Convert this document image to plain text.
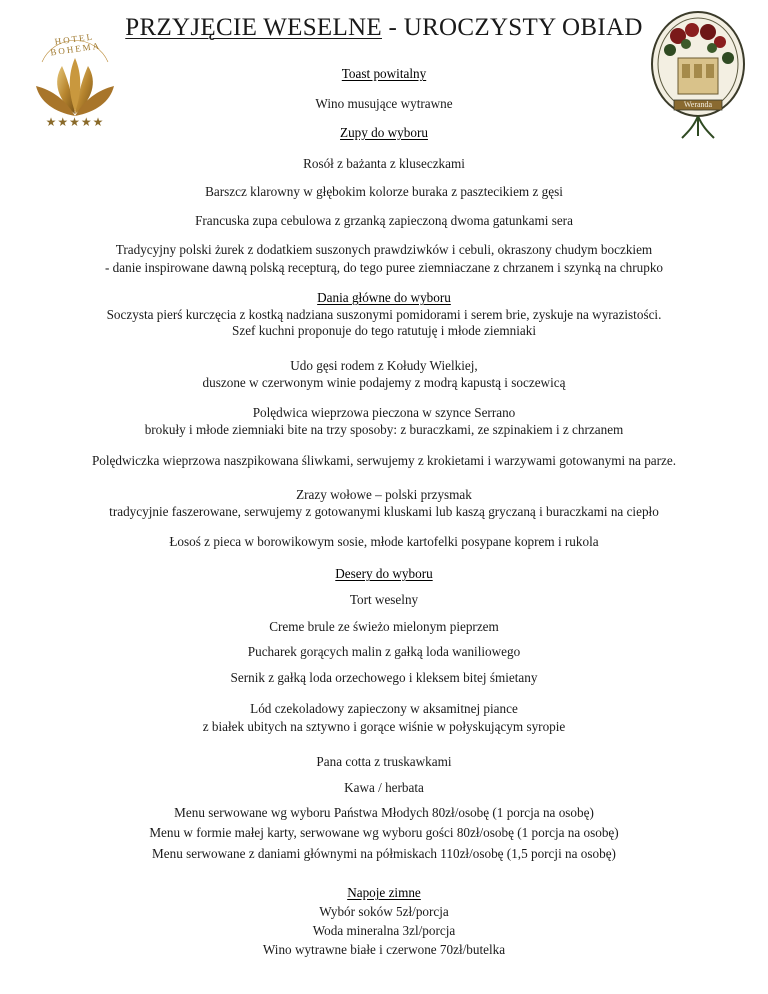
HOTEL BOHEMA
★★★★★
Weranda
PRZYJĘCIE WESELNE - UROCZYSTY OBIAD
Toast powitalny
Wino musujące wytrawne
Zupy do wyboru
Rosół z bażanta z kluseczkami
Barszcz klarowny w głębokim kolorze buraka z pasztecikiem z gęsi
Francuska zupa cebulowa z grzanką zapieczoną dwoma gatunkami sera
Tradycyjny polski żurek z dodatkiem suszonych prawdziwków i cebuli, okraszony chudym boczkiem
- danie inspirowane dawną polską recepturą, do tego puree ziemniaczane z chrzanem i szynką na chrupko
Dania główne do wyboru
Soczysta pierś kurczęcia z kostką nadziana suszonymi pomidorami i serem brie, zyskuje na wyrazistości.
Szef kuchni proponuje do tego ratutuję i młode ziemniaki
Udo gęsi rodem z Kołudy Wielkiej,
duszone w czerwonym winie podajemy z modrą kapustą i soczewicą
Polędwica wieprzowa pieczona w szynce Serrano
brokuły i młode ziemniaki bite na trzy sposoby: z buraczkami, ze szpinakiem i z chrzanem
Polędwiczka wieprzowa naszpikowana śliwkami, serwujemy z krokietami i warzywami gotowanymi na parze.
Zrazy wołowe – polski przysmak
tradycyjnie faszerowane, serwujemy z gotowanymi kluskami lub kaszą gryczaną i buraczkami na ciepło
Łosoś z pieca w borowikowym sosie, młode kartofelki posypane koprem i rukola
Desery do wyboru
Tort weselny
Creme brule ze świeżo mielonym pieprzem
Pucharek gorących malin z gałką loda waniliowego
Sernik z gałką loda orzechowego i kleksem bitej śmietany
Lód czekoladowy zapieczony w aksamitnej piance
z białek ubitych na sztywno i gorące wiśnie w połyskującym syropie
Pana cotta z truskawkami
Kawa / herbata
Menu serwowane wg wyboru Państwa Młodych 80zł/osobę (1 porcja na osobę)
Menu w formie małej karty, serwowane wg wyboru gości 80zł/osobę (1 porcja na osobę)
Menu serwowane z daniami głównymi na półmiskach 110zł/osobę (1,5 porcji na osobę)
Napoje zimne
Wybór soków 5zł/porcja
Woda mineralna 3zl/porcja
Wino wytrawne białe i czerwone 70zł/butelka
